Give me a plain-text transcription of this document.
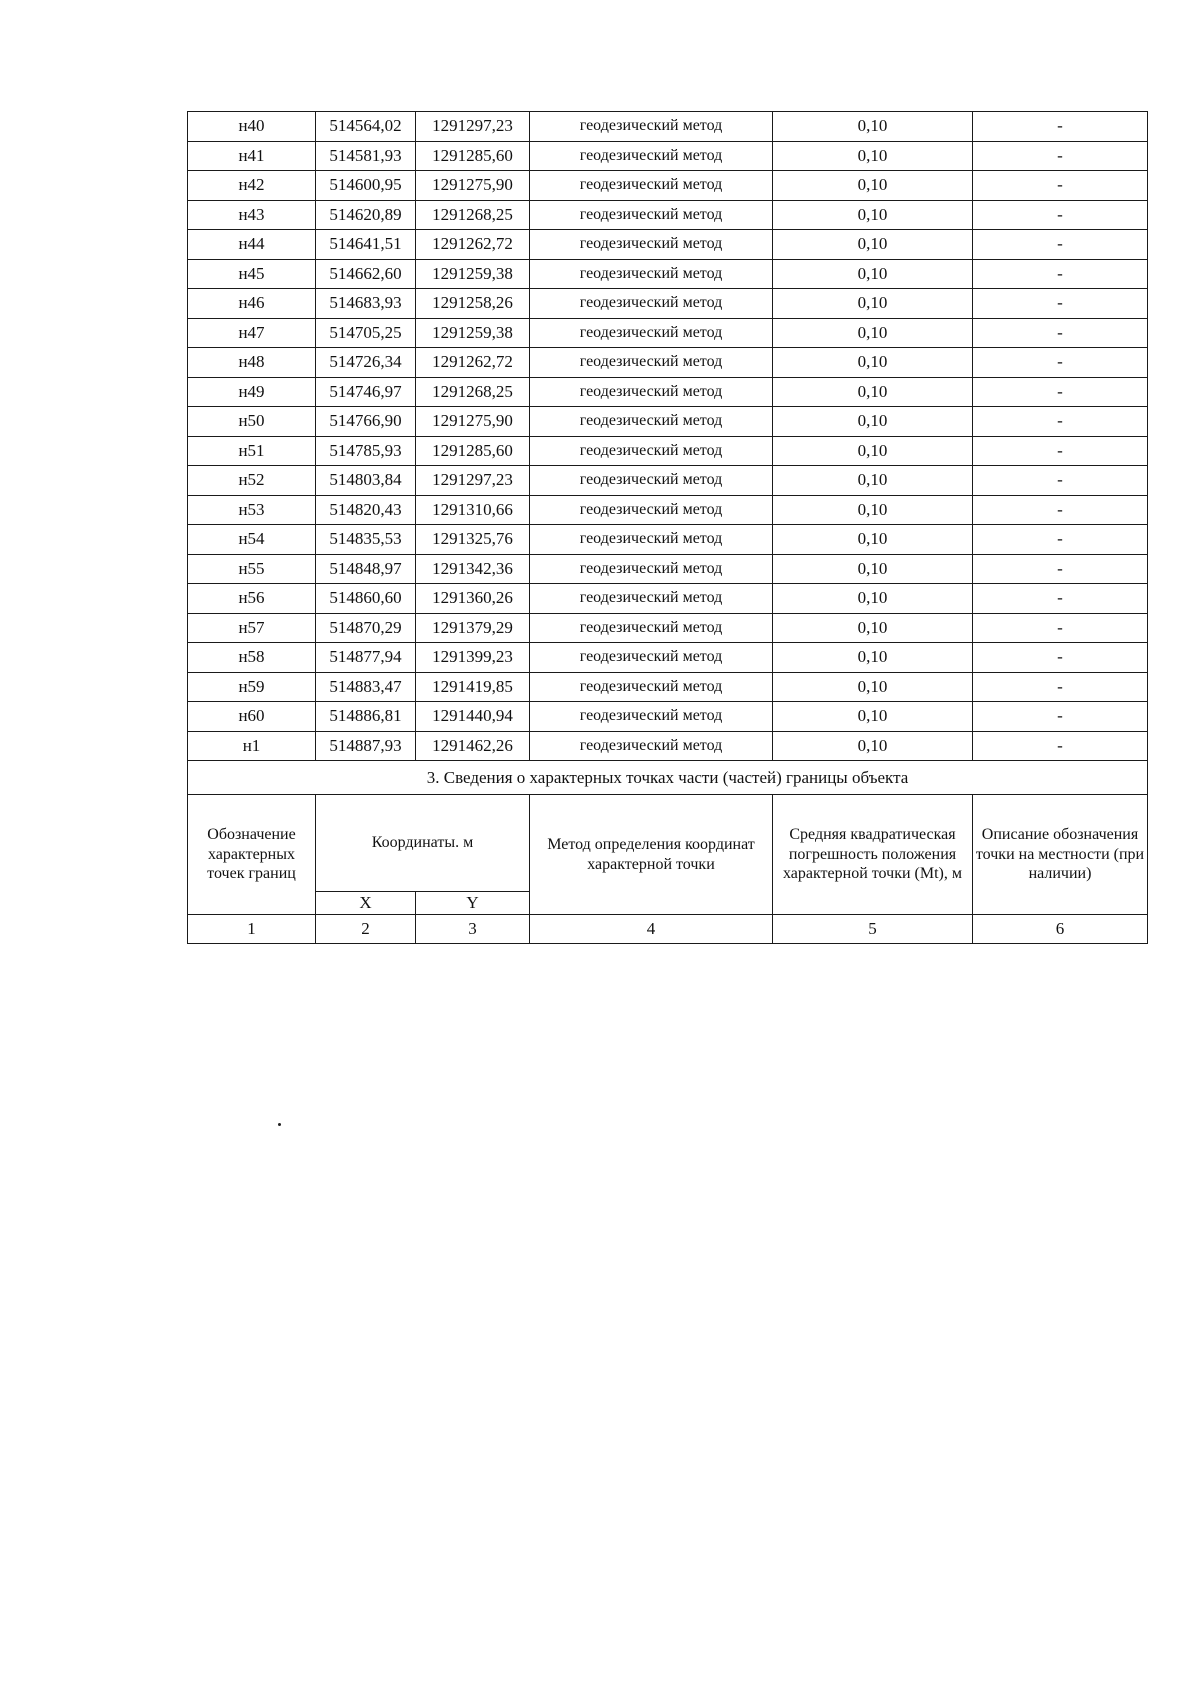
н40	514564,02	1291297,23	геодезический метод	0,10	-
н41	514581,93	1291285,60	геодезический метод	0,10	-
н42	514600,95	1291275,90	геодезический метод	0,10	-
н43	514620,89	1291268,25	геодезический метод	0,10	-
н44	514641,51	1291262,72	геодезический метод	0,10	-
н45	514662,60	1291259,38	геодезический метод	0,10	-
н46	514683,93	1291258,26	геодезический метод	0,10	-
н47	514705,25	1291259,38	геодезический метод	0,10	-
н48	514726,34	1291262,72	геодезический метод	0,10	-
н49	514746,97	1291268,25	геодезический метод	0,10	-
н50	514766,90	1291275,90	геодезический метод	0,10	-
н51	514785,93	1291285,60	геодезический метод	0,10	-
н52	514803,84	1291297,23	геодезический метод	0,10	-
н53	514820,43	1291310,66	геодезический метод	0,10	-
н54	514835,53	1291325,76	геодезический метод	0,10	-
н55	514848,97	1291342,36	геодезический метод	0,10	-
н56	514860,60	1291360,26	геодезический метод	0,10	-
н57	514870,29	1291379,29	геодезический метод	0,10	-
н58	514877,94	1291399,23	геодезический метод	0,10	-
н59	514883,47	1291419,85	геодезический метод	0,10	-
н60	514886,81	1291440,94	геодезический метод	0,10	-
н1	514887,93	1291462,26	геодезический метод	0,10	-
3. Сведения о характерных точках части (частей) границы объекта					
Обозначение характерных точек границ	Координаты. м		Метод определения координат характерной точки	Средняя квадратическая погрешность положения характерной точки (Mt), м	Описание обозначения точки на местности (при наличии)
	X	Y			
1	2	3	4	5	6
